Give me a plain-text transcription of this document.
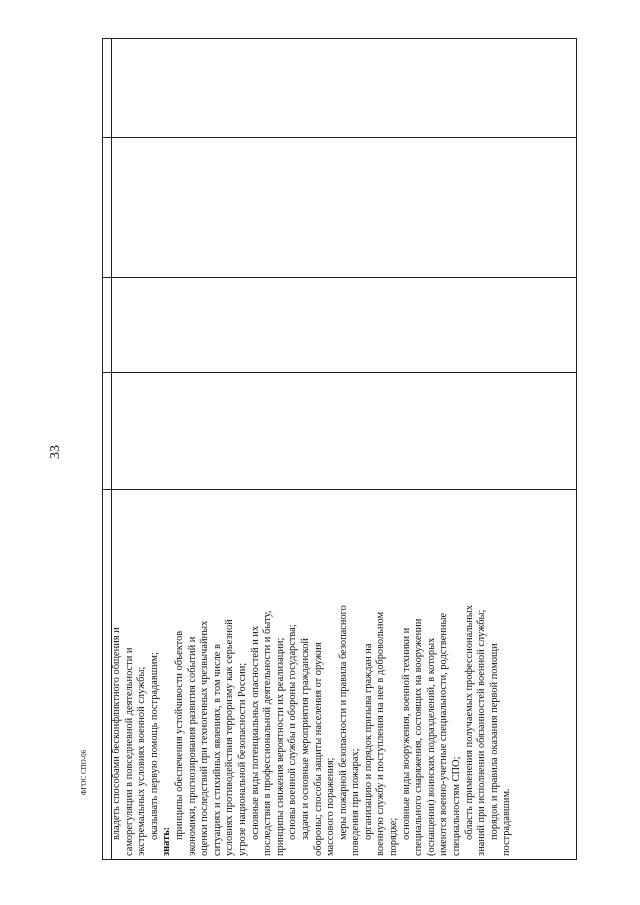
33
ФГОС СПО-06	владеть способами бесконфликтного общения и саморегуляции в повседневной деятельности и экстремальных условиях военной службы; оказывать первую помощь пострадавшим;
знать:
принципы обеспечения устойчивости объектов экономики, прогнозирования развития событий и оценки последствий при техногенных чрезвычайных ситуациях и стихийных явлениях, в том числе в условиях противодействия терроризму как серьезной угрозе национальной безопасности России; основные виды потенциальных опасностей и их последствия в профессиональной деятельности и быту, принципы снижения вероятности их реализации; основы военной службы и обороны государства; задачи и основные мероприятия гражданской обороны; способы защиты населения от оружия массового поражения; меры пожарной безопасности и правила безопасного поведения при пожарах; организацию и порядок призыва граждан на военную службу и поступления на нее в добровольном порядке; основные виды вооружения, военной техники и специального снаряжения, состоящих на вооружении (оснащении) воинских подразделений, в которых имеются военно-учетные специальности, родственные специальностям СПО; область применения получаемых профессиональных знаний при исполнении обязанностей военной службы; порядок и правила оказания первой помощи пострадавшим.
